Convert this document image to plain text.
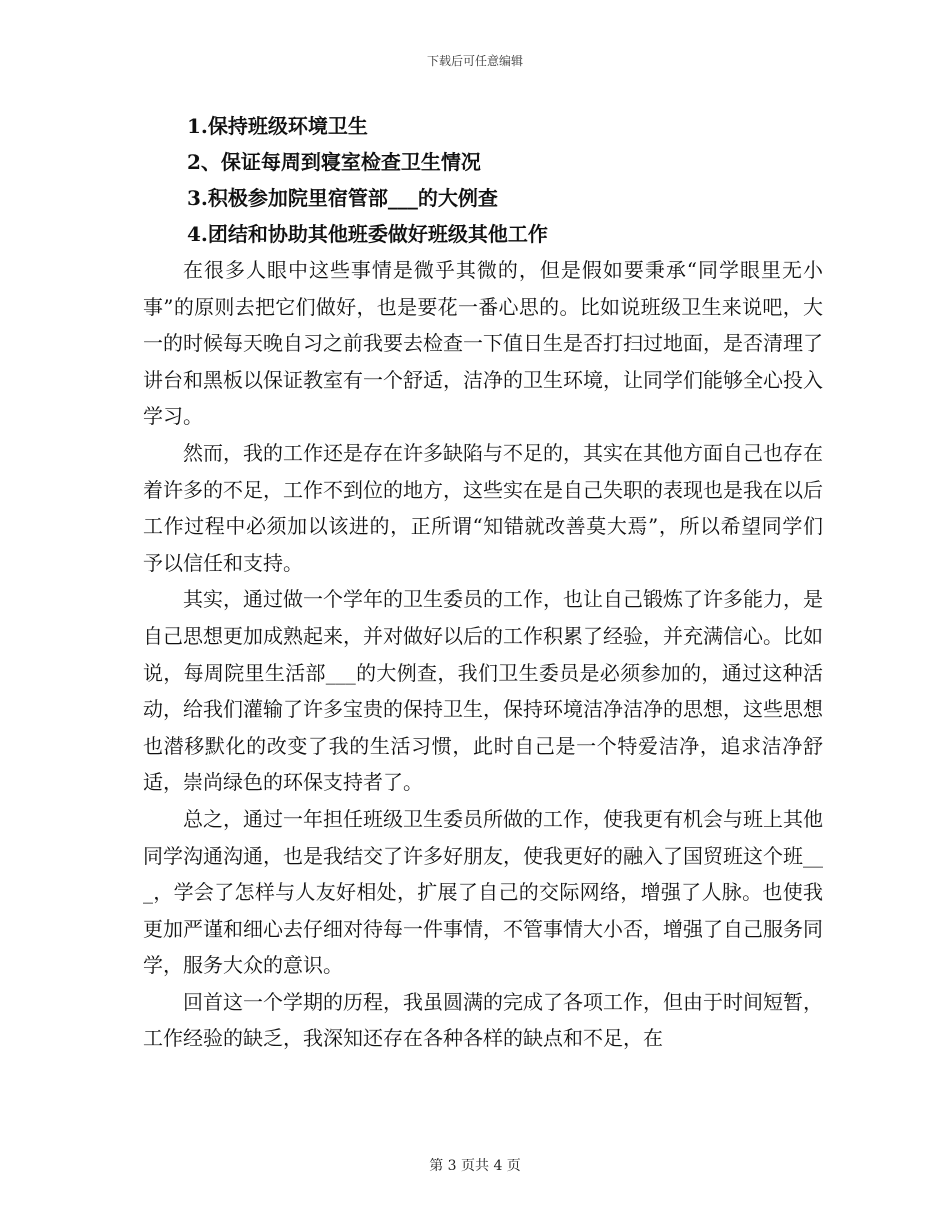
下载后可任意编辑
1.保持班级环境卫生
2、保证每周到寝室检查卫生情况
3.积极参加院里宿管部___的大例查
4.团结和协助其他班委做好班级其他工作

在很多人眼中这些事情是微乎其微的，但是假如要秉承“同学眼里无小事”的原则去把它们做好，也是要花一番心思的。比如说班级卫生来说吧，大一的时候每天晚自习之前我要去检查一下值日生是否打扫过地面，是否清理了讲台和黑板以保证教室有一个舒适，洁净的卫生环境，让同学们能够全心投入学习。

然而，我的工作还是存在许多缺陷与不足的，其实在其他方面自己也存在着许多的不足，工作不到位的地方，这些实在是自己失职的表现也是我在以后工作过程中必须加以该进的，正所谓“知错就改善莫大焉”，所以希望同学们予以信任和支持。

其实，通过做一个学年的卫生委员的工作，也让自己锻炼了许多能力，是自己思想更加成熟起来，并对做好以后的工作积累了经验，并充满信心。比如说，每周院里生活部___的大例查，我们卫生委员是必须参加的，通过这种活动，给我们灌输了许多宝贵的保持卫生，保持环境洁净洁净的思想，这些思想也潜移默化的改变了我的生活习惯，此时自己是一个特爱洁净，追求洁净舒适，崇尚绿色的环保支持者了。

总之，通过一年担任班级卫生委员所做的工作，使我更有机会与班上其他同学沟通沟通，也是我结交了许多好朋友，使我更好的融入了国贸班这个班___，学会了怎样与人友好相处，扩展了自己的交际网络，增强了人脉。也使我更加严谨和细心去仔细对待每一件事情，不管事情大小否，增强了自己服务同学，服务大众的意识。

回首这一个学期的历程，我虽圆满的完成了各项工作，但由于时间短暂，工作经验的缺乏，我深知还存在各种各样的缺点和不足，在

第 3 页共 4 页
